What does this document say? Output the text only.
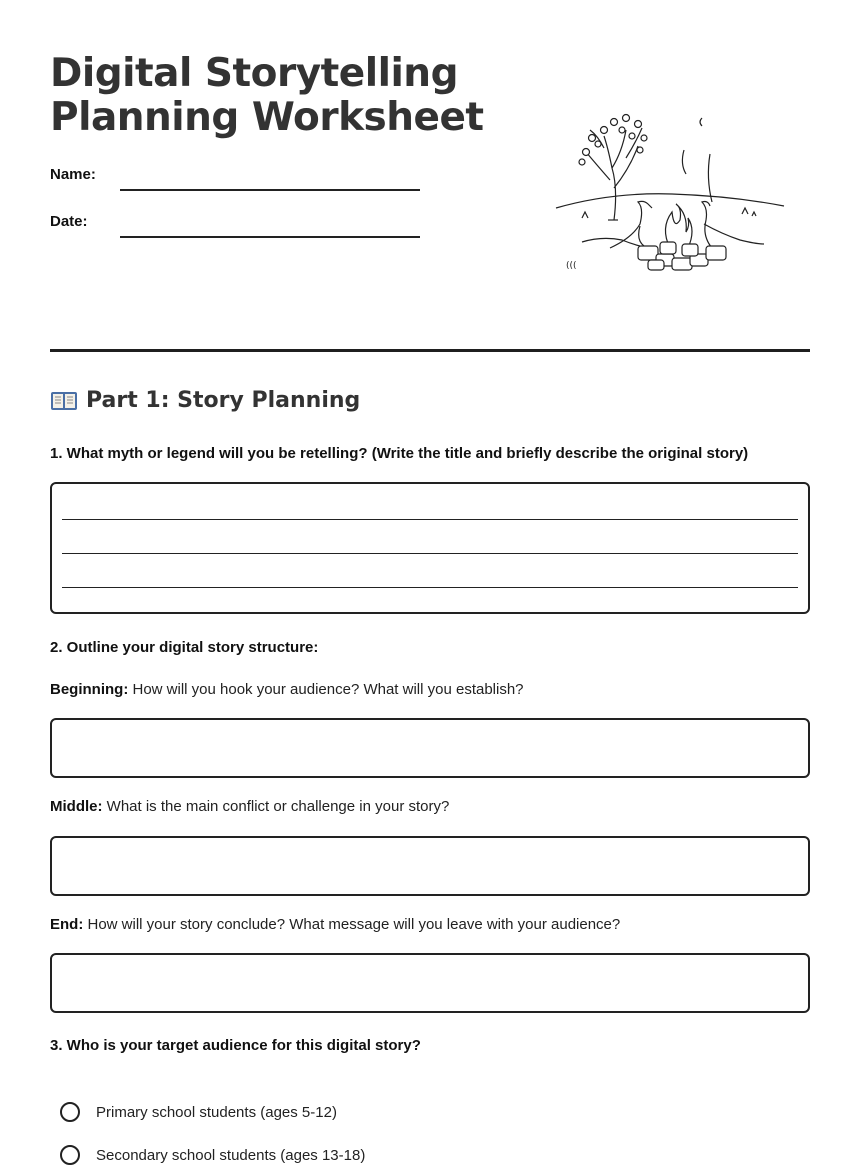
Digital Storytelling
Planning Worksheet
Name:
Date:
(((
Part 1: Story Planning

1. What myth or legend will you be retelling? (Write the title and briefly describe the original story)

2. Outline your digital story structure:

Beginning: How will you hook your audience? What will you establish?

Middle: What is the main conflict or challenge in your story?

End: How will your story conclude? What message will you leave with your audience?

3. Who is your target audience for this digital story?

Primary school students (ages 5-12)
Secondary school students (ages 13-18)
